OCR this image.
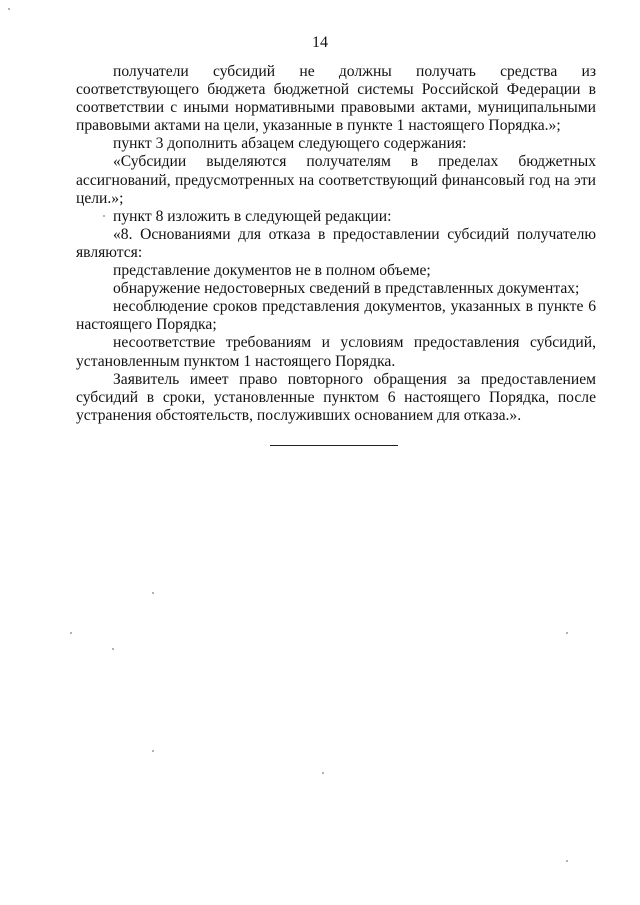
14

получатели субсидий не должны получать средства из соответствующего бюджета бюджетной системы Российской Федерации в соответствии с иными нормативными правовыми актами, муниципальными правовыми актами на цели, указанные в пункте 1 настоящего Порядка.»;

пункт 3 дополнить абзацем следующего содержания:

«Субсидии выделяются получателям в пределах бюджетных ассигнований, предусмотренных на соответствующий финансовый год на эти цели.»;

пункт 8 изложить в следующей редакции:

«8. Основаниями для отказа в предоставлении субсидий получателю являются:

представление документов не в полном объеме;

обнаружение недостоверных сведений в представленных документах;

несоблюдение сроков представления документов, указанных в пункте 6 настоящего Порядка;

несоответствие требованиям и условиям предоставления субсидий, установленным пунктом 1 настоящего Порядка.

Заявитель имеет право повторного обращения за предоставлением субсидий в сроки, установленные пунктом 6 настоящего Порядка, после устранения обстоятельств, послуживших основанием для отказа.».
